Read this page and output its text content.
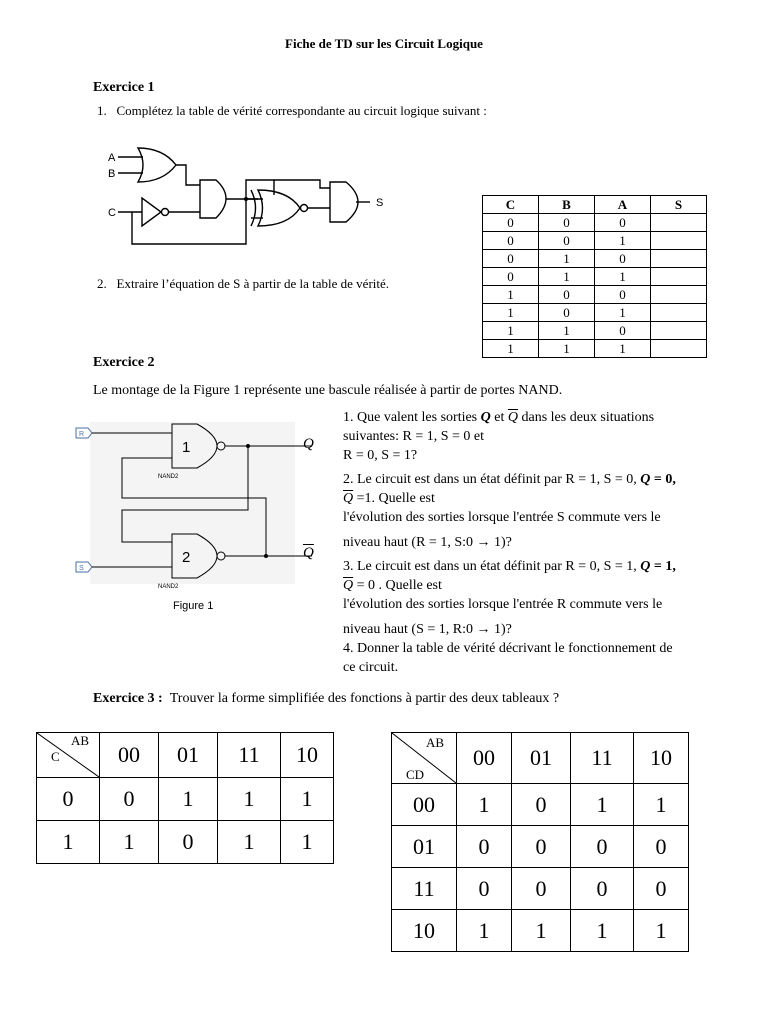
Fiche de TD sur les Circuit Logique
Exercice 1
1. Complétez la table de vérité correspondante au circuit logique suivant :
A
B
C
S
2. Extraire l’équation de S à partir de la table de vérité.
C	B	A	S
0	0	0	
0	0	1	
0	1	0	
0	1	1	
1	0	0	
1	0	1	
1	1	0	
1	1	1	
Exercice 2
Le montage de la Figure 1 représente une bascule réalisée à partir de portes NAND.
R
S
1
2
NAND2
NAND2
Q
$\overline{Q}$
Figure 1
1. Que valent les sorties Q et $\overline{Q}$ dans les deux situations
suivantes: R = 1, S = 0 et
R = 0, S = 1?
2. Le circuit est dans un état définit par R = 1, S = 0, Q = 0,
$\overline{Q} =1$. Quelle est
l'évolution des sorties lorsque l'entrée S commute vers le
niveau haut (R = 1, S:0 → 1)?
3. Le circuit est dans un état définit par R = 0, S = 1, Q = 1,
$\overline{Q} = 0$ . Quelle est
l'évolution des sorties lorsque l'entrée R commute vers le
niveau haut (S = 1, R:0 → 1)?
4. Donner la table de vérité décrivant le fonctionnement de
ce circuit.
Exercice 3 : Trouver la forme simplifiée des fonctions à partir des deux tableaux ?
AB
C	00	01	11	10
0	0	1	1	1
1	1	0	1	1
AB
CD	00	01	11	10
00	1	0	1	1
01	0	0	0	0
11	0	0	0	0
10	1	1	1	1
